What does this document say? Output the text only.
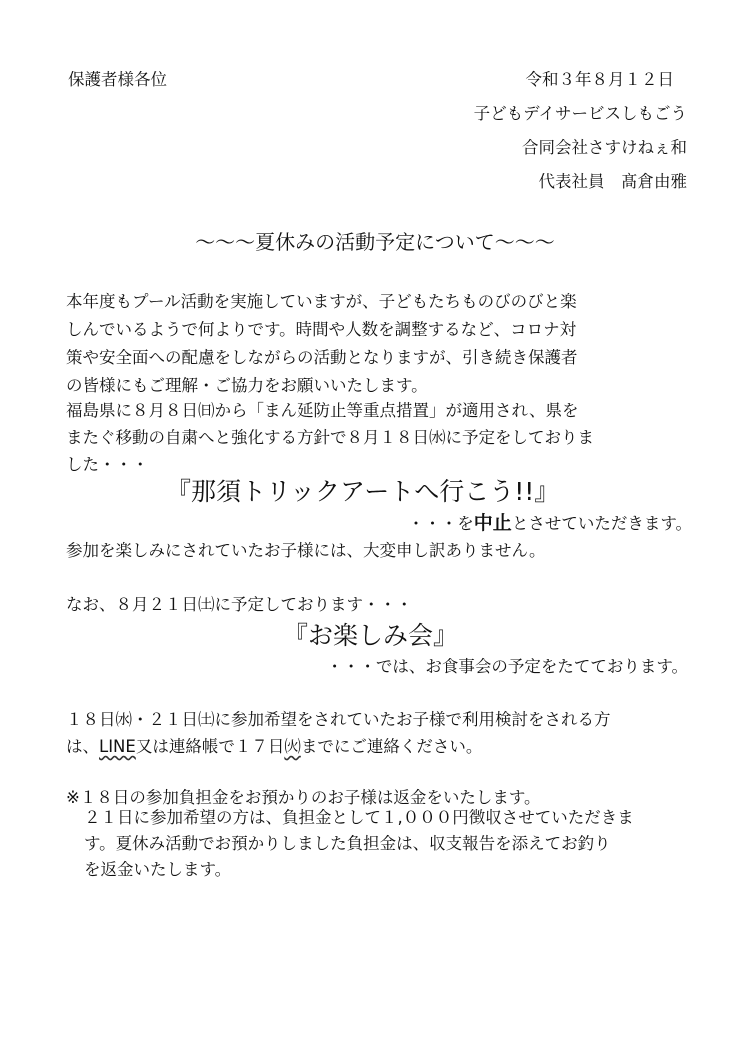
保護者様各位	令和３年８月１２日
子どもデイサービスしもごう
合同会社さすけねぇ和
代表社員　髙倉由雅
～～～夏休みの活動予定について～～～
本年度もプール活動を実施していますが、子どもたちものびのびと楽
しんでいるようで何よりです。時間や人数を調整するなど、コロナ対
策や安全面への配慮をしながらの活動となりますが、引き続き保護者
の皆様にもご理解・ご協力をお願いいたします。
福島県に８月８日㈰から「まん延防止等重点措置」が適用され、県を
またぐ移動の自粛へと強化する方針で８月１８日㈬に予定をしておりま
した・・・
『那須トリックアートへ行こう!!』
・・・を中止とさせていただきます。
参加を楽しみにされていたお子様には、大変申し訳ありません。
なお、８月２１日㈯に予定しております・・・
『お楽しみ会』
・・・では、お食事会の予定をたてております。
１８日㈬・２１日㈯に参加希望をされていたお子様で利用検討をされる方
は、LINE又は連絡帳で１７日㈫までにご連絡ください。
※１８日の参加負担金をお預かりのお子様は返金をいたします。
２１日に参加希望の方は、負担金として１,０００円徴収させていただきま
す。夏休み活動でお預かりしました負担金は、収支報告を添えてお釣り
を返金いたします。
